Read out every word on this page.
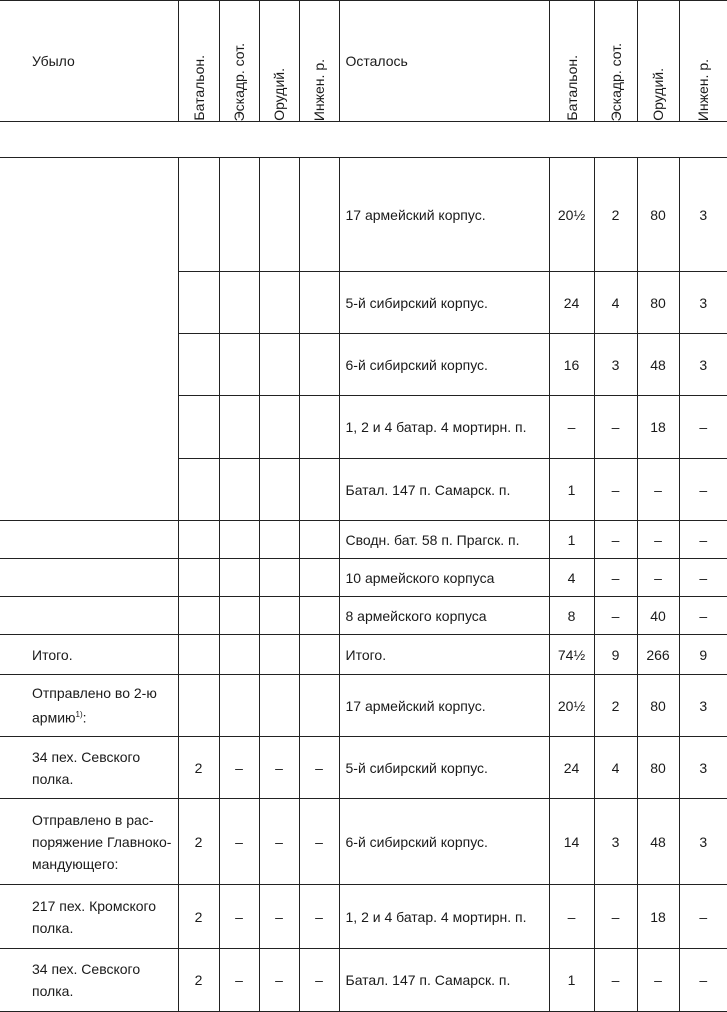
Убыло	Батальон.	Эскадр. сот.	Орудий.	Инжен. р.	Осталось	Батальон.	Эскадр. сот.	Орудий.	Инжен. р.
					17 армейский корпус.	20½	2	80	3
					5-й сибирский корпус.	24	4	80	3
					6-й сибирский корпус.	16	3	48	3
					1, 2 и 4 батар. 4 мортирн. п.	–	–	18	–
					Батал. 147 п. Самарск. п.	1	–	–	–
					Сводн. бат. 58 п. Прагск. п.	1	–	–	–
					10 армейского корпуса	4	–	–	–
					8 армейского корпуса	8	–	40	–
Итого.					Итого.	74½	9	266	9
Отправлено во 2-ю армию$^{1)}$:					17 армейский корпус.	20½	2	80	3
34 пех. Севского полка.	2	–	–	–	5-й сибирский корпус.	24	4	80	3
Отправлено в распоряжение Главнокомандующего:	2	–	–	–	6-й сибирский корпус.	14	3	48	3
217 пех. Кромского полка.	2	–	–	–	1, 2 и 4 батар. 4 мортирн. п.	–	–	18	–
34 пех. Севского полка.	2	–	–	–	Батал. 147 п. Самарск. п.	1	–	–	–
